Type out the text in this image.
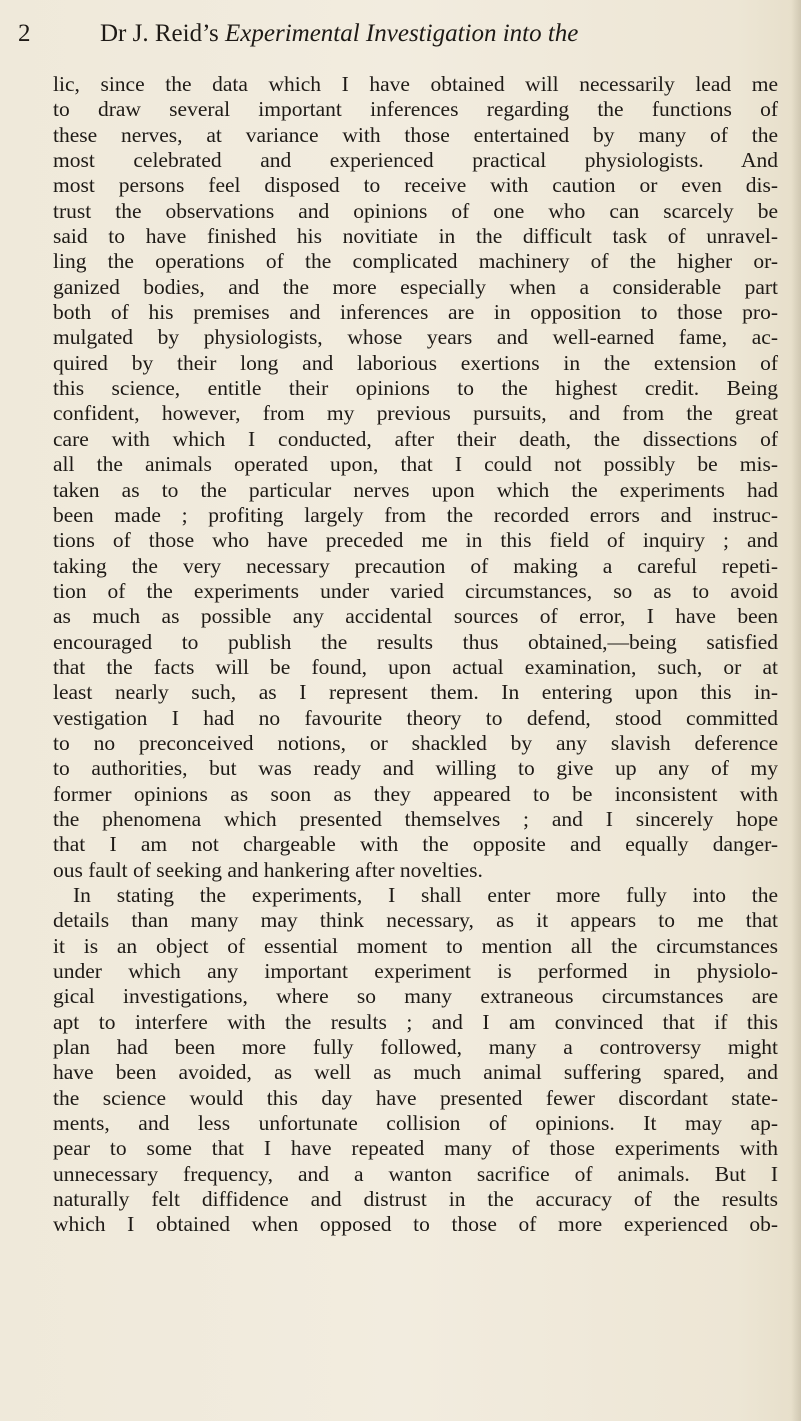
2	Dr J. Reid’s Experimental Investigation into the
lic, since the data which I have obtained will necessarily lead me
to draw several important inferences regarding the functions of
these nerves, at variance with those entertained by many of the
most celebrated and experienced practical physiologists. And
most persons feel disposed to receive with caution or even dis-
trust the observations and opinions of one who can scarcely be
said to have finished his novitiate in the difficult task of unravel-
ling the operations of the complicated machinery of the higher or-
ganized bodies, and the more especially when a considerable part
both of his premises and inferences are in opposition to those pro-
mulgated by physiologists, whose years and well-earned fame, ac-
quired by their long and laborious exertions in the extension of
this science, entitle their opinions to the highest credit. Being
confident, however, from my previous pursuits, and from the great
care with which I conducted, after their death, the dissections of
all the animals operated upon, that I could not possibly be mis-
taken as to the particular nerves upon which the experiments had
been made ; profiting largely from the recorded errors and instruc-
tions of those who have preceded me in this field of inquiry ; and
taking the very necessary precaution of making a careful repeti-
tion of the experiments under varied circumstances, so as to avoid
as much as possible any accidental sources of error, I have been
encouraged to publish the results thus obtained,—being satisfied
that the facts will be found, upon actual examination, such, or at
least nearly such, as I represent them. In entering upon this in-
vestigation I had no favourite theory to defend, stood committed
to no preconceived notions, or shackled by any slavish deference
to authorities, but was ready and willing to give up any of my
former opinions as soon as they appeared to be inconsistent with
the phenomena which presented themselves ; and I sincerely hope
that I am not chargeable with the opposite and equally danger-
ous fault of seeking and hankering after novelties.
In stating the experiments, I shall enter more fully into the
details than many may think necessary, as it appears to me that
it is an object of essential moment to mention all the circumstances
under which any important experiment is performed in physiolo-
gical investigations, where so many extraneous circumstances are
apt to interfere with the results ; and I am convinced that if this
plan had been more fully followed, many a controversy might
have been avoided, as well as much animal suffering spared, and
the science would this day have presented fewer discordant state-
ments, and less unfortunate collision of opinions. It may ap-
pear to some that I have repeated many of those experiments with
unnecessary frequency, and a wanton sacrifice of animals. But I
naturally felt diffidence and distrust in the accuracy of the results
which I obtained when opposed to those of more experienced ob-
